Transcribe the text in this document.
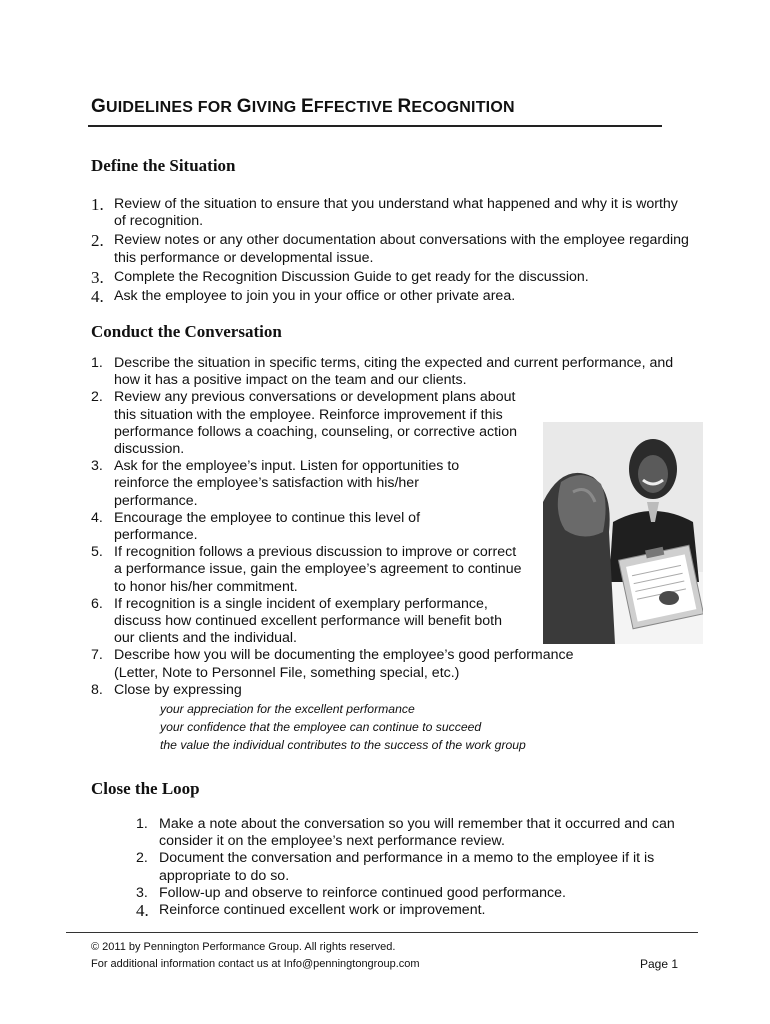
GUIDELINES FOR GIVING EFFECTIVE RECOGNITION
Define the Situation
1. Review of the situation to ensure that you understand what happened and why it is worthy of recognition.
2. Review notes or any other documentation about conversations with the employee regarding this performance or developmental issue.
3. Complete the Recognition Discussion Guide to get ready for the discussion.
4. Ask the employee to join you in your office or other private area.
Conduct the Conversation
1. Describe the situation in specific terms, citing the expected and current performance, and how it has a positive impact on the team and our clients.
2. Review any previous conversations or development plans about this situation with the employee. Reinforce improvement if this performance follows a coaching, counseling, or corrective action discussion.
3. Ask for the employee’s input. Listen for opportunities to reinforce the employee’s satisfaction with his/her performance.
4. Encourage the employee to continue this level of performance.
5. If recognition follows a previous discussion to improve or correct a performance issue, gain the employee’s agreement to continue to honor his/her commitment.
6. If recognition is a single incident of exemplary performance, discuss how continued excellent performance will benefit both our clients and the individual.
7. Describe how you will be documenting the employee’s good performance (Letter, Note to Personnel File, something special, etc.)
8. Close by expressing
your appreciation for the excellent performance
your confidence that the employee can continue to succeed
the value the individual contributes to the success of the work group
Close the Loop
1. Make a note about the conversation so you will remember that it occurred and can consider it on the employee’s next performance review.
2. Document the conversation and performance in a memo to the employee if it is appropriate to do so.
3. Follow-up and observe to reinforce continued good performance.
4. Reinforce continued excellent work or improvement.
© 2011 by Pennington Performance Group. All rights reserved.
For additional information contact us at Info@penningtongroup.com	Page 1
